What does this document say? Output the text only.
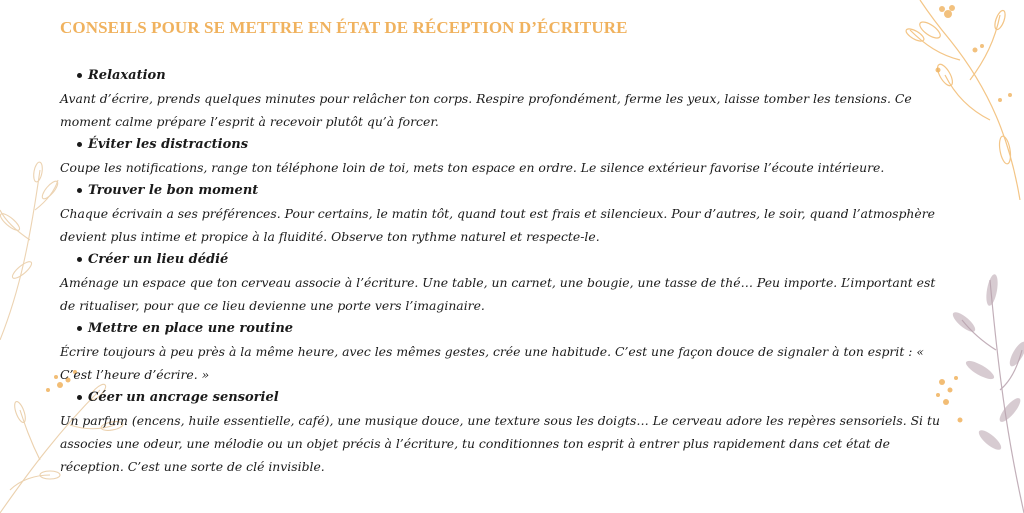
CONSEILS POUR SE METTRE EN ÉTAT DE RÉCEPTION D’ÉCRITURE
Relaxation

Avant d’écrire, prends quelques minutes pour relâcher ton corps. Respire profondément, ferme les yeux, laisse tomber les tensions. Ce moment calme prépare l’esprit à recevoir plutôt qu’à forcer.

Éviter les distractions

Coupe les notifications, range ton téléphone loin de toi, mets ton espace en ordre. Le silence extérieur favorise l’écoute intérieure.

Trouver le bon moment

Chaque écrivain a ses préférences. Pour certains, le matin tôt, quand tout est frais et silencieux. Pour d’autres, le soir, quand l’atmosphère devient plus intime et propice à la fluidité. Observe ton rythme naturel et respecte-le.

Créer un lieu dédié

Aménage un espace que ton cerveau associe à l’écriture. Une table, un carnet, une bougie, une tasse de thé… Peu importe. L’important est de ritualiser, pour que ce lieu devienne une porte vers l’imaginaire.

Mettre en place une routine

Écrire toujours à peu près à la même heure, avec les mêmes gestes, crée une habitude. C’est une façon douce de signaler à ton esprit : « C’est l’heure d’écrire. »

Céer un ancrage sensoriel

Un parfum (encens, huile essentielle, café), une musique douce, une texture sous les doigts… Le cerveau adore les repères sensoriels. Si tu associes une odeur, une mélodie ou un objet précis à l’écriture, tu conditionnes ton esprit à entrer plus rapidement dans cet état de réception. C’est une sorte de clé invisible.
